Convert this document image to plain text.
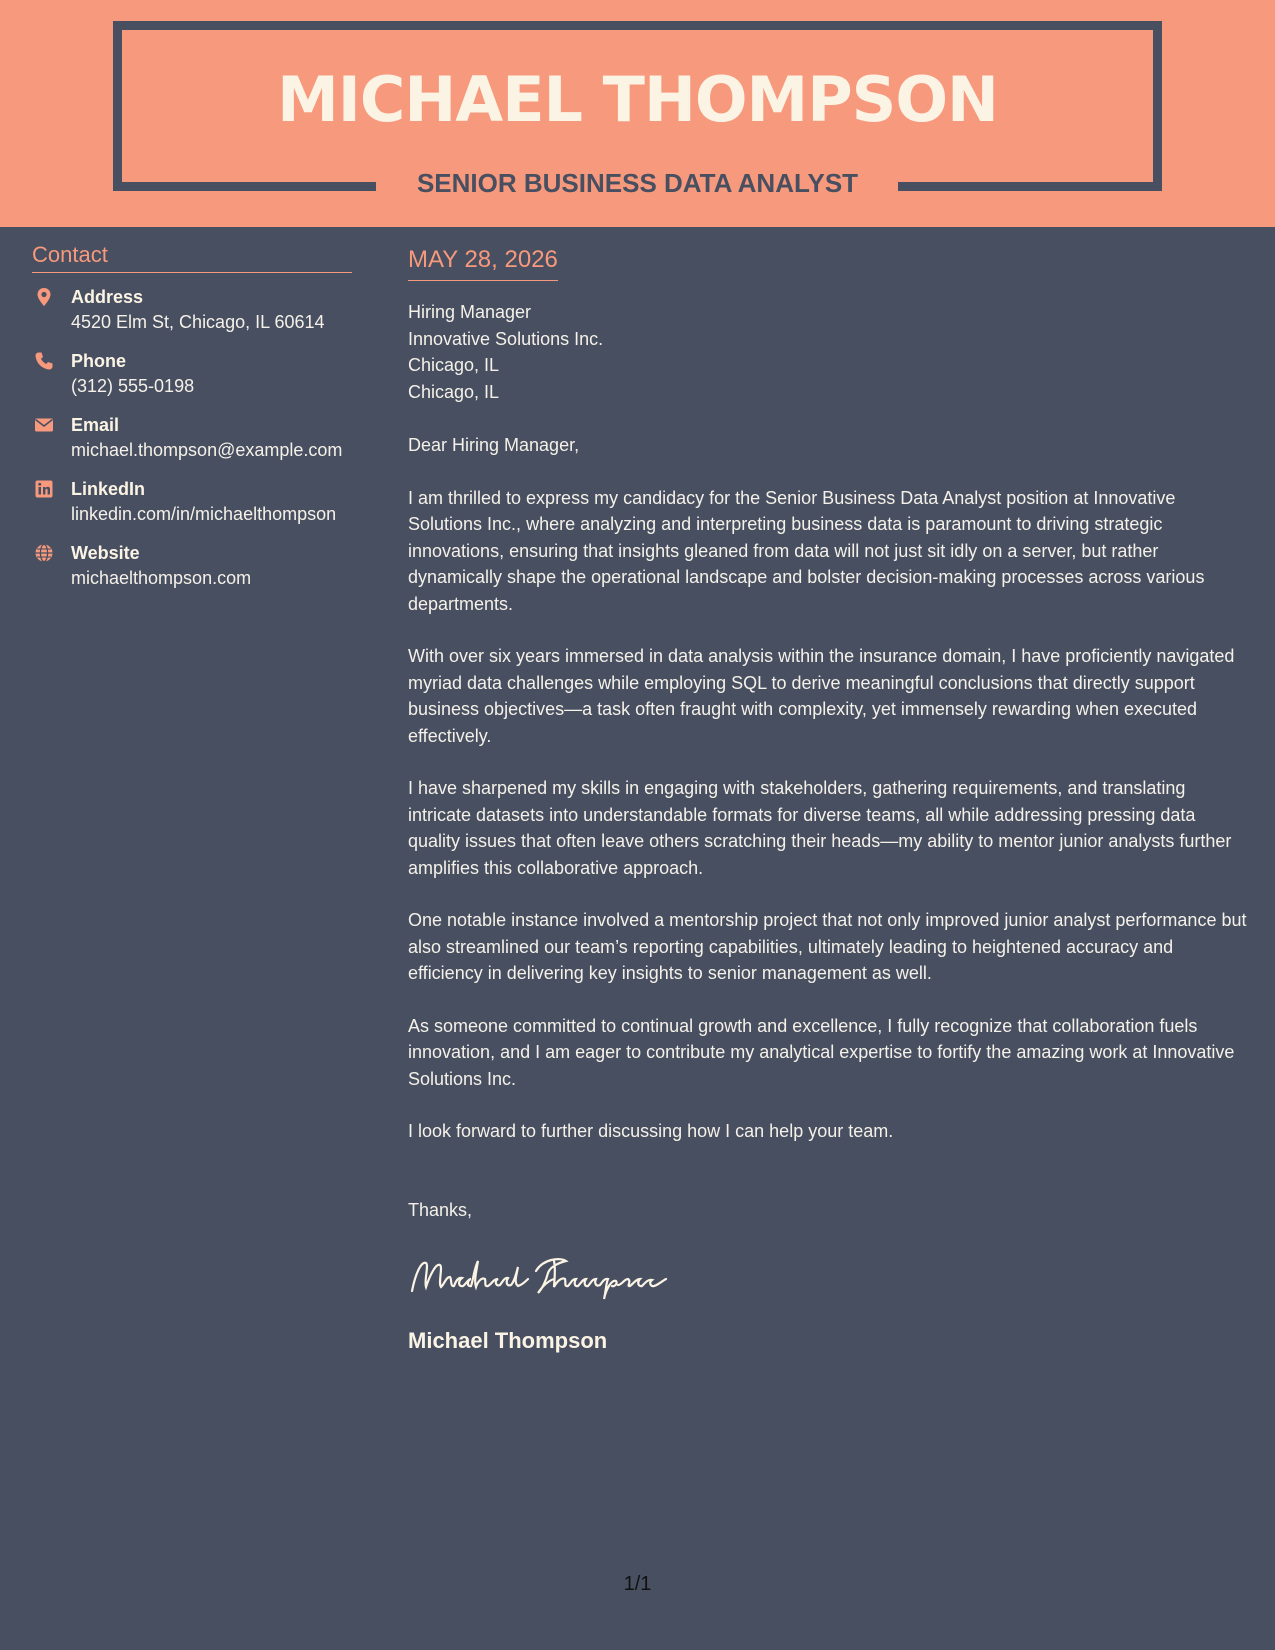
MICHAEL THOMPSON
SENIOR BUSINESS DATA ANALYST
Contact
Address
4520 Elm St, Chicago, IL 60614
Phone
(312) 555-0198
Email
michael.thompson@example.com
LinkedIn
linkedin.com/in/michaelthompson
Website
michaelthompson.com
MAY 28, 2026
Hiring Manager
Innovative Solutions Inc.
Chicago, IL
Chicago, IL
Dear Hiring Manager,
I am thrilled to express my candidacy for the Senior Business Data Analyst position at Innovative Solutions Inc., where analyzing and interpreting business data is paramount to driving strategic innovations, ensuring that insights gleaned from data will not just sit idly on a server, but rather dynamically shape the operational landscape and bolster decision-making processes across various departments.
With over six years immersed in data analysis within the insurance domain, I have proficiently navigated myriad data challenges while employing SQL to derive meaningful conclusions that directly support business objectives—a task often fraught with complexity, yet immensely rewarding when executed effectively.
I have sharpened my skills in engaging with stakeholders, gathering requirements, and translating intricate datasets into understandable formats for diverse teams, all while addressing pressing data quality issues that often leave others scratching their heads—my ability to mentor junior analysts further amplifies this collaborative approach.
One notable instance involved a mentorship project that not only improved junior analyst performance but also streamlined our team’s reporting capabilities, ultimately leading to heightened accuracy and efficiency in delivering key insights to senior management as well.
As someone committed to continual growth and excellence, I fully recognize that collaboration fuels innovation, and I am eager to contribute my analytical expertise to fortify the amazing work at Innovative Solutions Inc.
I look forward to further discussing how I can help your team.
Thanks,
Michael Thompson
1/1
